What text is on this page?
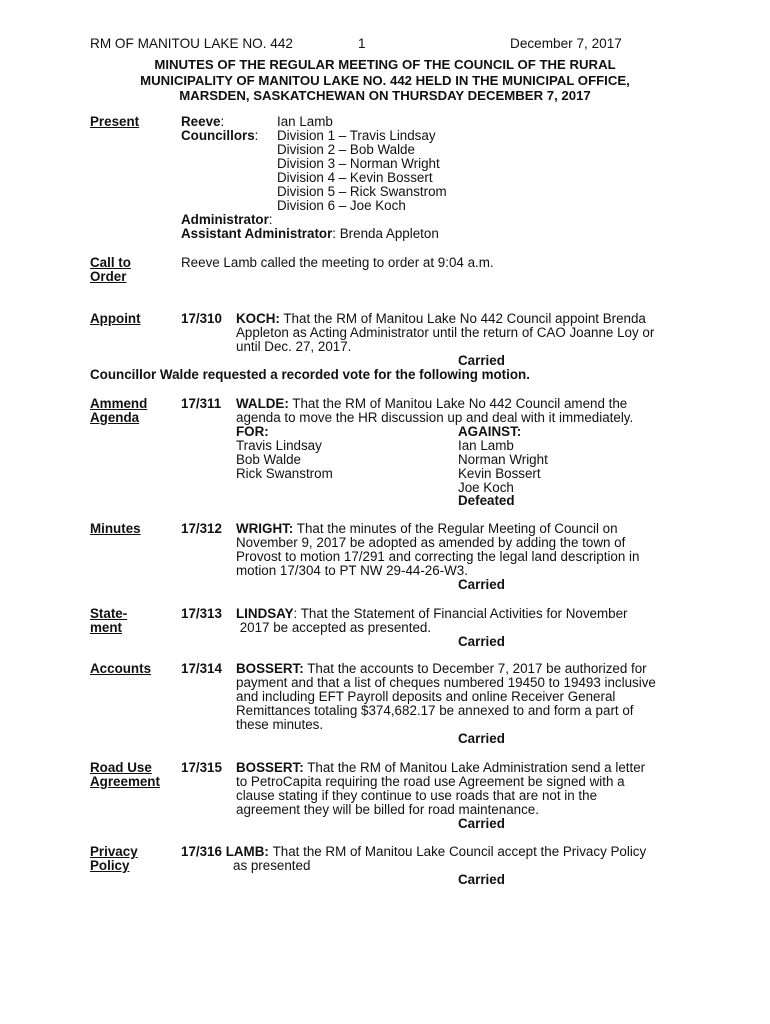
RM OF MANITOU LAKE NO. 442	1	December 7, 2017
MINUTES OF THE REGULAR MEETING OF THE COUNCIL OF THE RURAL
MUNICIPALITY OF MANITOU LAKE NO. 442 HELD IN THE MUNICIPAL OFFICE,
MARSDEN, SASKATCHEWAN ON THURSDAY DECEMBER 7, 2017
Present	Reeve:	Ian Lamb
Councillors: Division 1 – Travis Lindsay
Division 2 – Bob Walde
Division 3 – Norman Wright
Division 4 – Kevin Bossert
Division 5 – Rick Swanstrom
Division 6 – Joe Koch
Administrator:
Assistant Administrator: Brenda Appleton
Call to
Order
Reeve Lamb called the meeting to order at 9:04 a.m.
Appoint	17/310 KOCH: That the RM of Manitou Lake No 442 Council appoint Brenda
Appleton as Acting Administrator until the return of CAO Joanne Loy or
until Dec. 27, 2017.
Carried
Councillor Walde requested a recorded vote for the following motion.
Ammend
Agenda
17/311 WALDE: That the RM of Manitou Lake No 442 Council amend the
agenda to move the HR discussion up and deal with it immediately.
FOR:
Travis Lindsay
Bob Walde
Rick Swanstrom
AGAINST:
Ian Lamb
Norman Wright
Kevin Bossert
Joe Koch
Defeated
Minutes	17/312 WRIGHT: That the minutes of the Regular Meeting of Council on
November 9, 2017 be adopted as amended by adding the town of
Provost to motion 17/291 and correcting the legal land description in
motion 17/304 to PT NW 29-44-26-W3.
Carried
State-
ment
17/313 LINDSAY: That the Statement of Financial Activities for November
2017 be accepted as presented.
Carried
Accounts 17/314 BOSSERT: That the accounts to December 7, 2017 be authorized for
payment and that a list of cheques numbered 19450 to 19493 inclusive
and including EFT Payroll deposits and online Receiver General
Remittances totaling $374,682.17 be annexed to and form a part of
these minutes.
Carried
Road Use
Agreement
17/315 BOSSERT: That the RM of Manitou Lake Administration send a letter
to PetroCapita requiring the road use Agreement be signed with a
clause stating if they continue to use roads that are not in the
agreement they will be billed for road maintenance.
Carried
Privacy
Policy
17/316 LAMB: That the RM of Manitou Lake Council accept the Privacy Policy
as presented
Carried
